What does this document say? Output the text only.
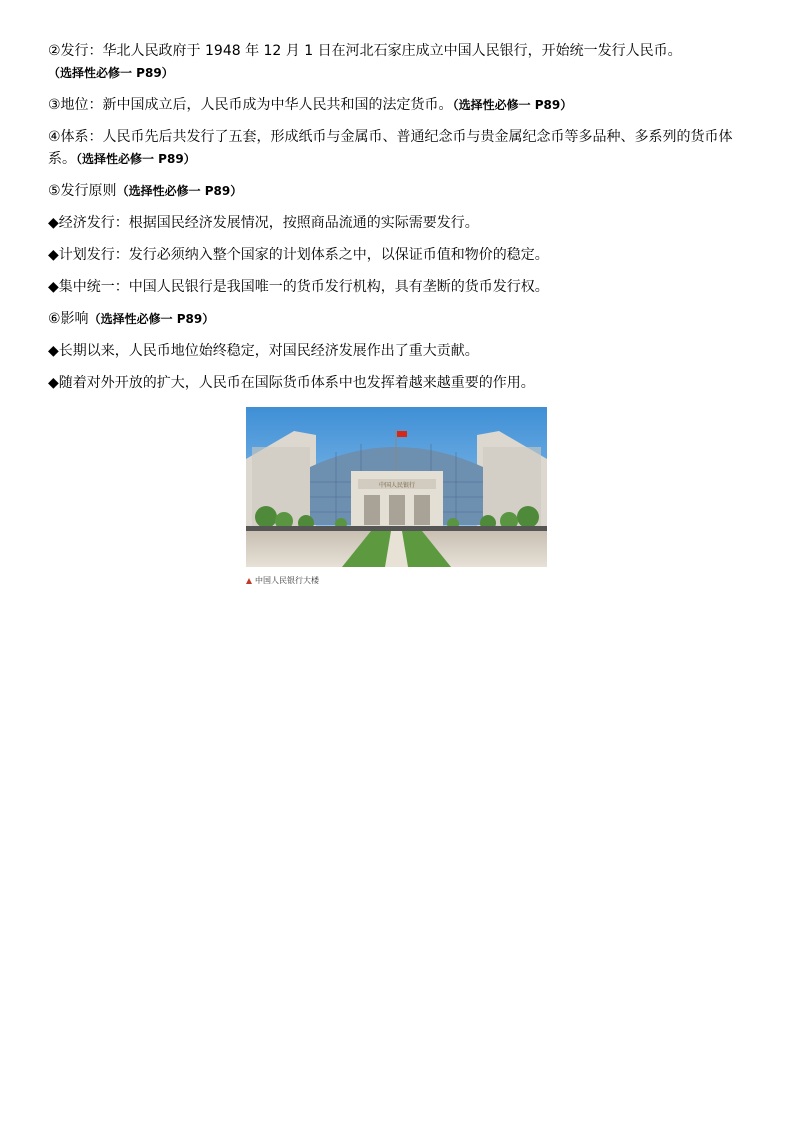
②发行：华北人民政府于 1948 年 12 月 1 日在河北石家庄成立中国人民银行，开始统一发行人民币。
（选择性必修一 P89）

③地位：新中国成立后，人民币成为中华人民共和国的法定货币。（选择性必修一 P89）

④体系：人民币先后共发行了五套，形成纸币与金属币、普通纪念币与贵金属纪念币等多品种、多系列的货币体系。（选择性必修一 P89）

⑤发行原则（选择性必修一 P89）

◆经济发行：根据国民经济发展情况，按照商品流通的实际需要发行。

◆计划发行：发行必须纳入整个国家的计划体系之中，以保证币值和物价的稳定。

◆集中统一：中国人民银行是我国唯一的货币发行机构，具有垄断的货币发行权。

⑥影响（选择性必修一 P89）

◆长期以来，人民币地位始终稳定，对国民经济发展作出了重大贡献。

◆随着对外开放的扩大，人民币在国际货币体系中也发挥着越来越重要的作用。

中国人民银行
中国人民银行大楼
